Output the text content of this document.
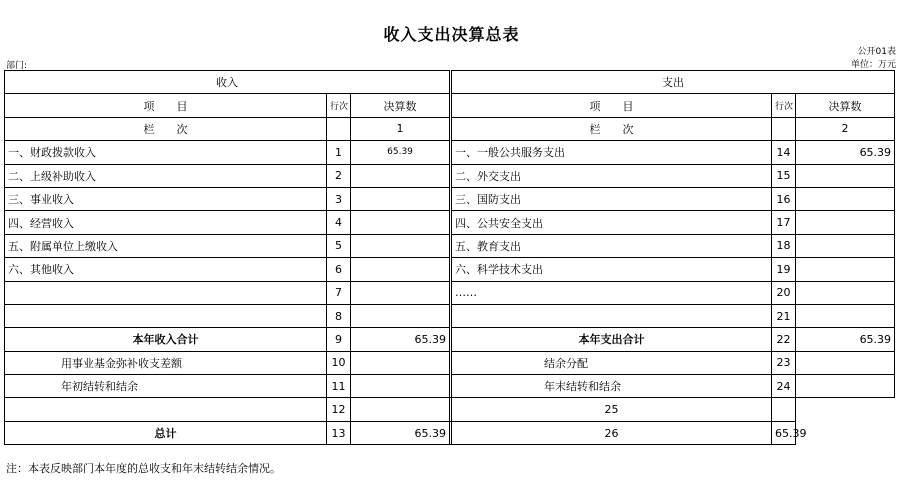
收入支出决算总表
公开01表
部门:	单位：万元
收入				支出		
项　　目	行次	决算数		项　　目	行次	决算数
栏　　次		1		栏　　次		2
一、财政拨款收入	1	65.39		一、一般公共服务支出	14	65.39
二、上级补助收入	2			二、外交支出	15	
三、事业收入	3			三、国防支出	16	
四、经营收入	4			四、公共安全支出	17	
五、附属单位上缴收入	5			五、教育支出	18	
六、其他收入	6			六、科学技术支出	19	
	7			……	20	
	8				21	
本年收入合计	9	65.39		本年支出合计	22	65.39
用事业基金弥补收支差额	10			结余分配	23	
年初结转和结余	11			年末结转和结余	24	
	12			25		
总计	13	65.39		26	65.39	
注：本表反映部门本年度的总收支和年末结转结余情况。
